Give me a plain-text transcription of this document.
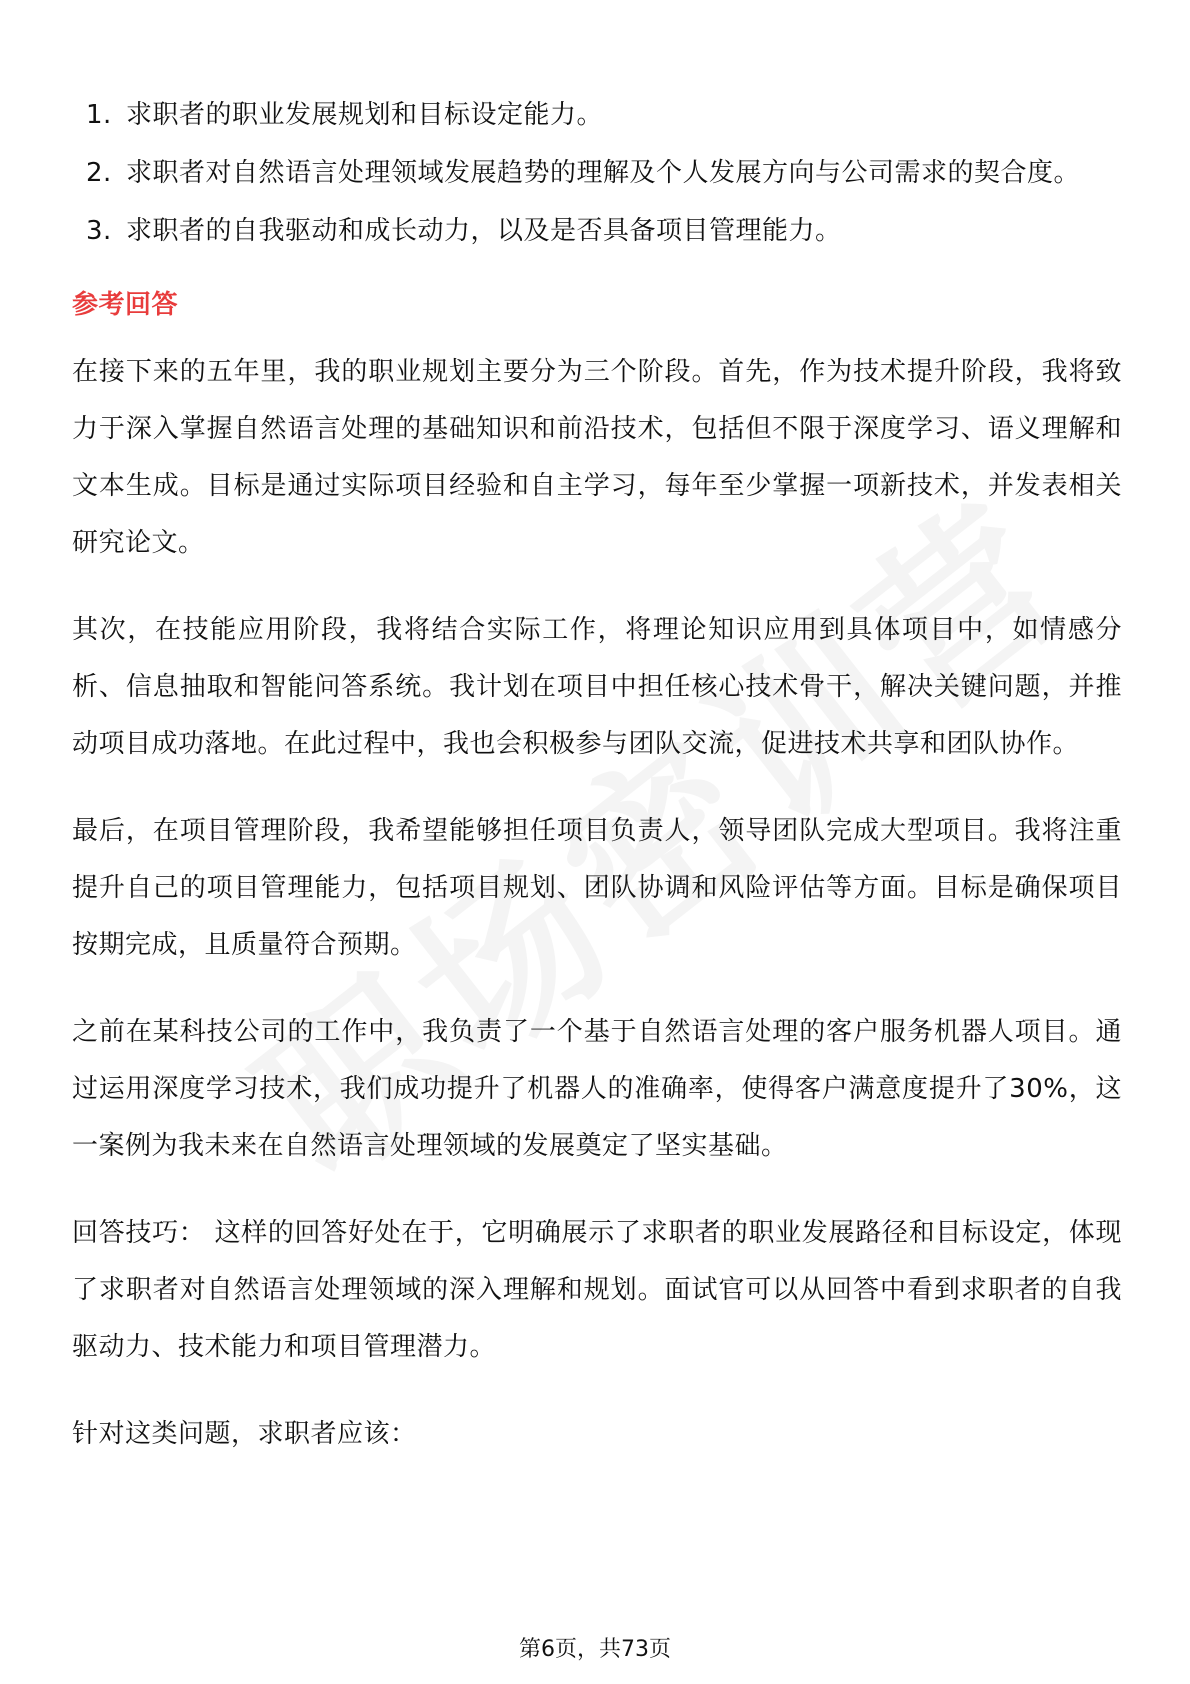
1. 求职者的职业发展规划和目标设定能力。
2. 求职者对自然语言处理领域发展趋势的理解及个人发展方向与公司需求的契合度。
3. 求职者的自我驱动和成长动力，以及是否具备项目管理能力。
参考回答

在接下来的五年里，我的职业规划主要分为三个阶段。首先，作为技术提升阶段，我将致力于深入掌握自然语言处理的基础知识和前沿技术，包括但不限于深度学习、语义理解和文本生成。目标是通过实际项目经验和自主学习，每年至少掌握一项新技术，并发表相关研究论文。

其次，在技能应用阶段，我将结合实际工作，将理论知识应用到具体项目中，如情感分析、信息抽取和智能问答系统。我计划在项目中担任核心技术骨干，解决关键问题，并推动项目成功落地。在此过程中，我也会积极参与团队交流，促进技术共享和团队协作。

最后，在项目管理阶段，我希望能够担任项目负责人，领导团队完成大型项目。我将注重提升自己的项目管理能力，包括项目规划、团队协调和风险评估等方面。目标是确保项目按期完成，且质量符合预期。

之前在某科技公司的工作中，我负责了一个基于自然语言处理的客户服务机器人项目。通过运用深度学习技术，我们成功提升了机器人的准确率，使得客户满意度提升了30%，这一案例为我未来在自然语言处理领域的发展奠定了坚实基础。

回答技巧： 这样的回答好处在于，它明确展示了求职者的职业发展路径和目标设定，体现了求职者对自然语言处理领域的深入理解和规划。面试官可以从回答中看到求职者的自我驱动力、技术能力和项目管理潜力。

针对这类问题，求职者应该：

第6页，共73页
